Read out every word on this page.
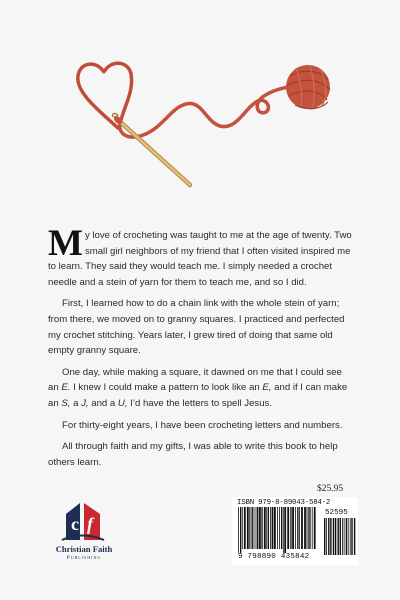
My love of crocheting was taught to me at the age of twenty. Two small girl neighbors of my friend that I often visited inspired me to learn. They said they would teach me. I simply needed a crochet needle and a stein of yarn for them to teach me, and so I did.

First, I learned how to do a chain link with the whole stein of yarn; from there, we moved on to granny squares. I practiced and perfected my crochet stitching. Years later, I grew tired of doing that same old empty granny square.

One day, while making a square, it dawned on me that I could see an E. I knew I could make a pattern to look like an E, and if I can make an S, a J, and a U, I’d have the letters to spell Jesus.

For thirty-eight years, I have been crocheting letters and numbers.

All through faith and my gifts, I was able to write this book to help others learn.

c f
Christian Faith
Publishing
$25.95
ISBN 979-8-89043-584-2
52595
9 798890 435842
